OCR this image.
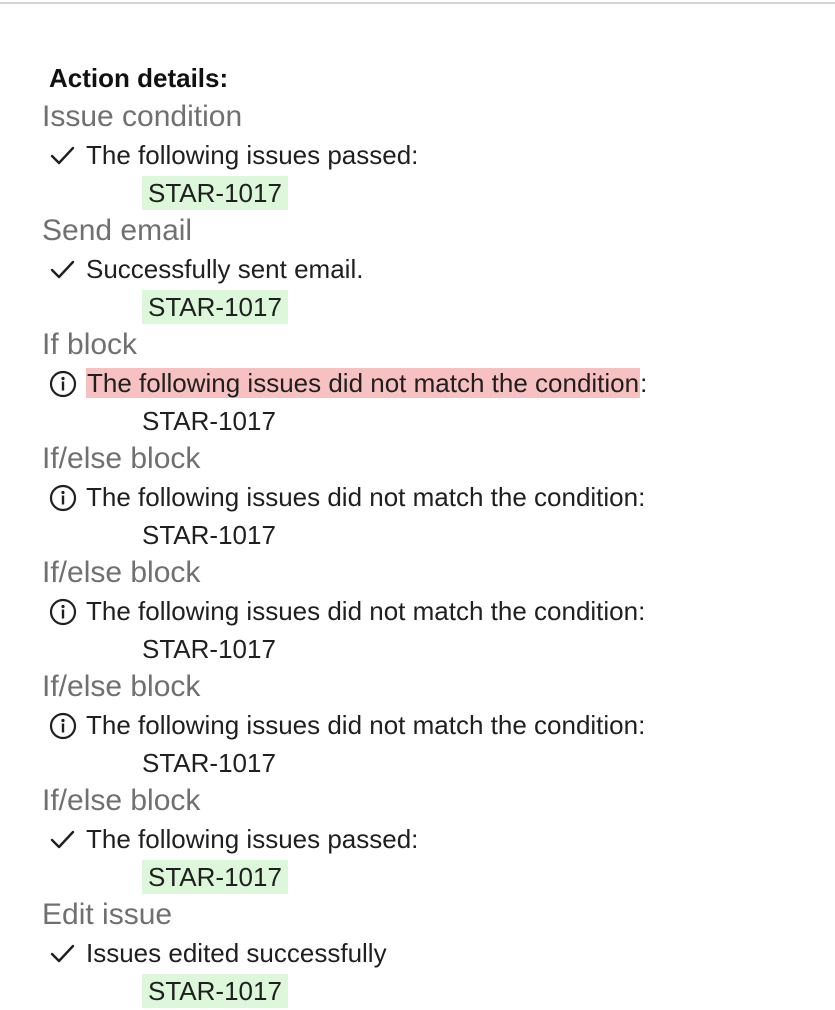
Action details:
Issue condition
The following issues passed:
STAR-1017
Send email
Successfully sent email.
STAR-1017
If block
The following issues did not match the condition:
STAR-1017
If/else block
The following issues did not match the condition:
STAR-1017
If/else block
The following issues did not match the condition:
STAR-1017
If/else block
The following issues did not match the condition:
STAR-1017
If/else block
The following issues passed:
STAR-1017
Edit issue
Issues edited successfully
STAR-1017
